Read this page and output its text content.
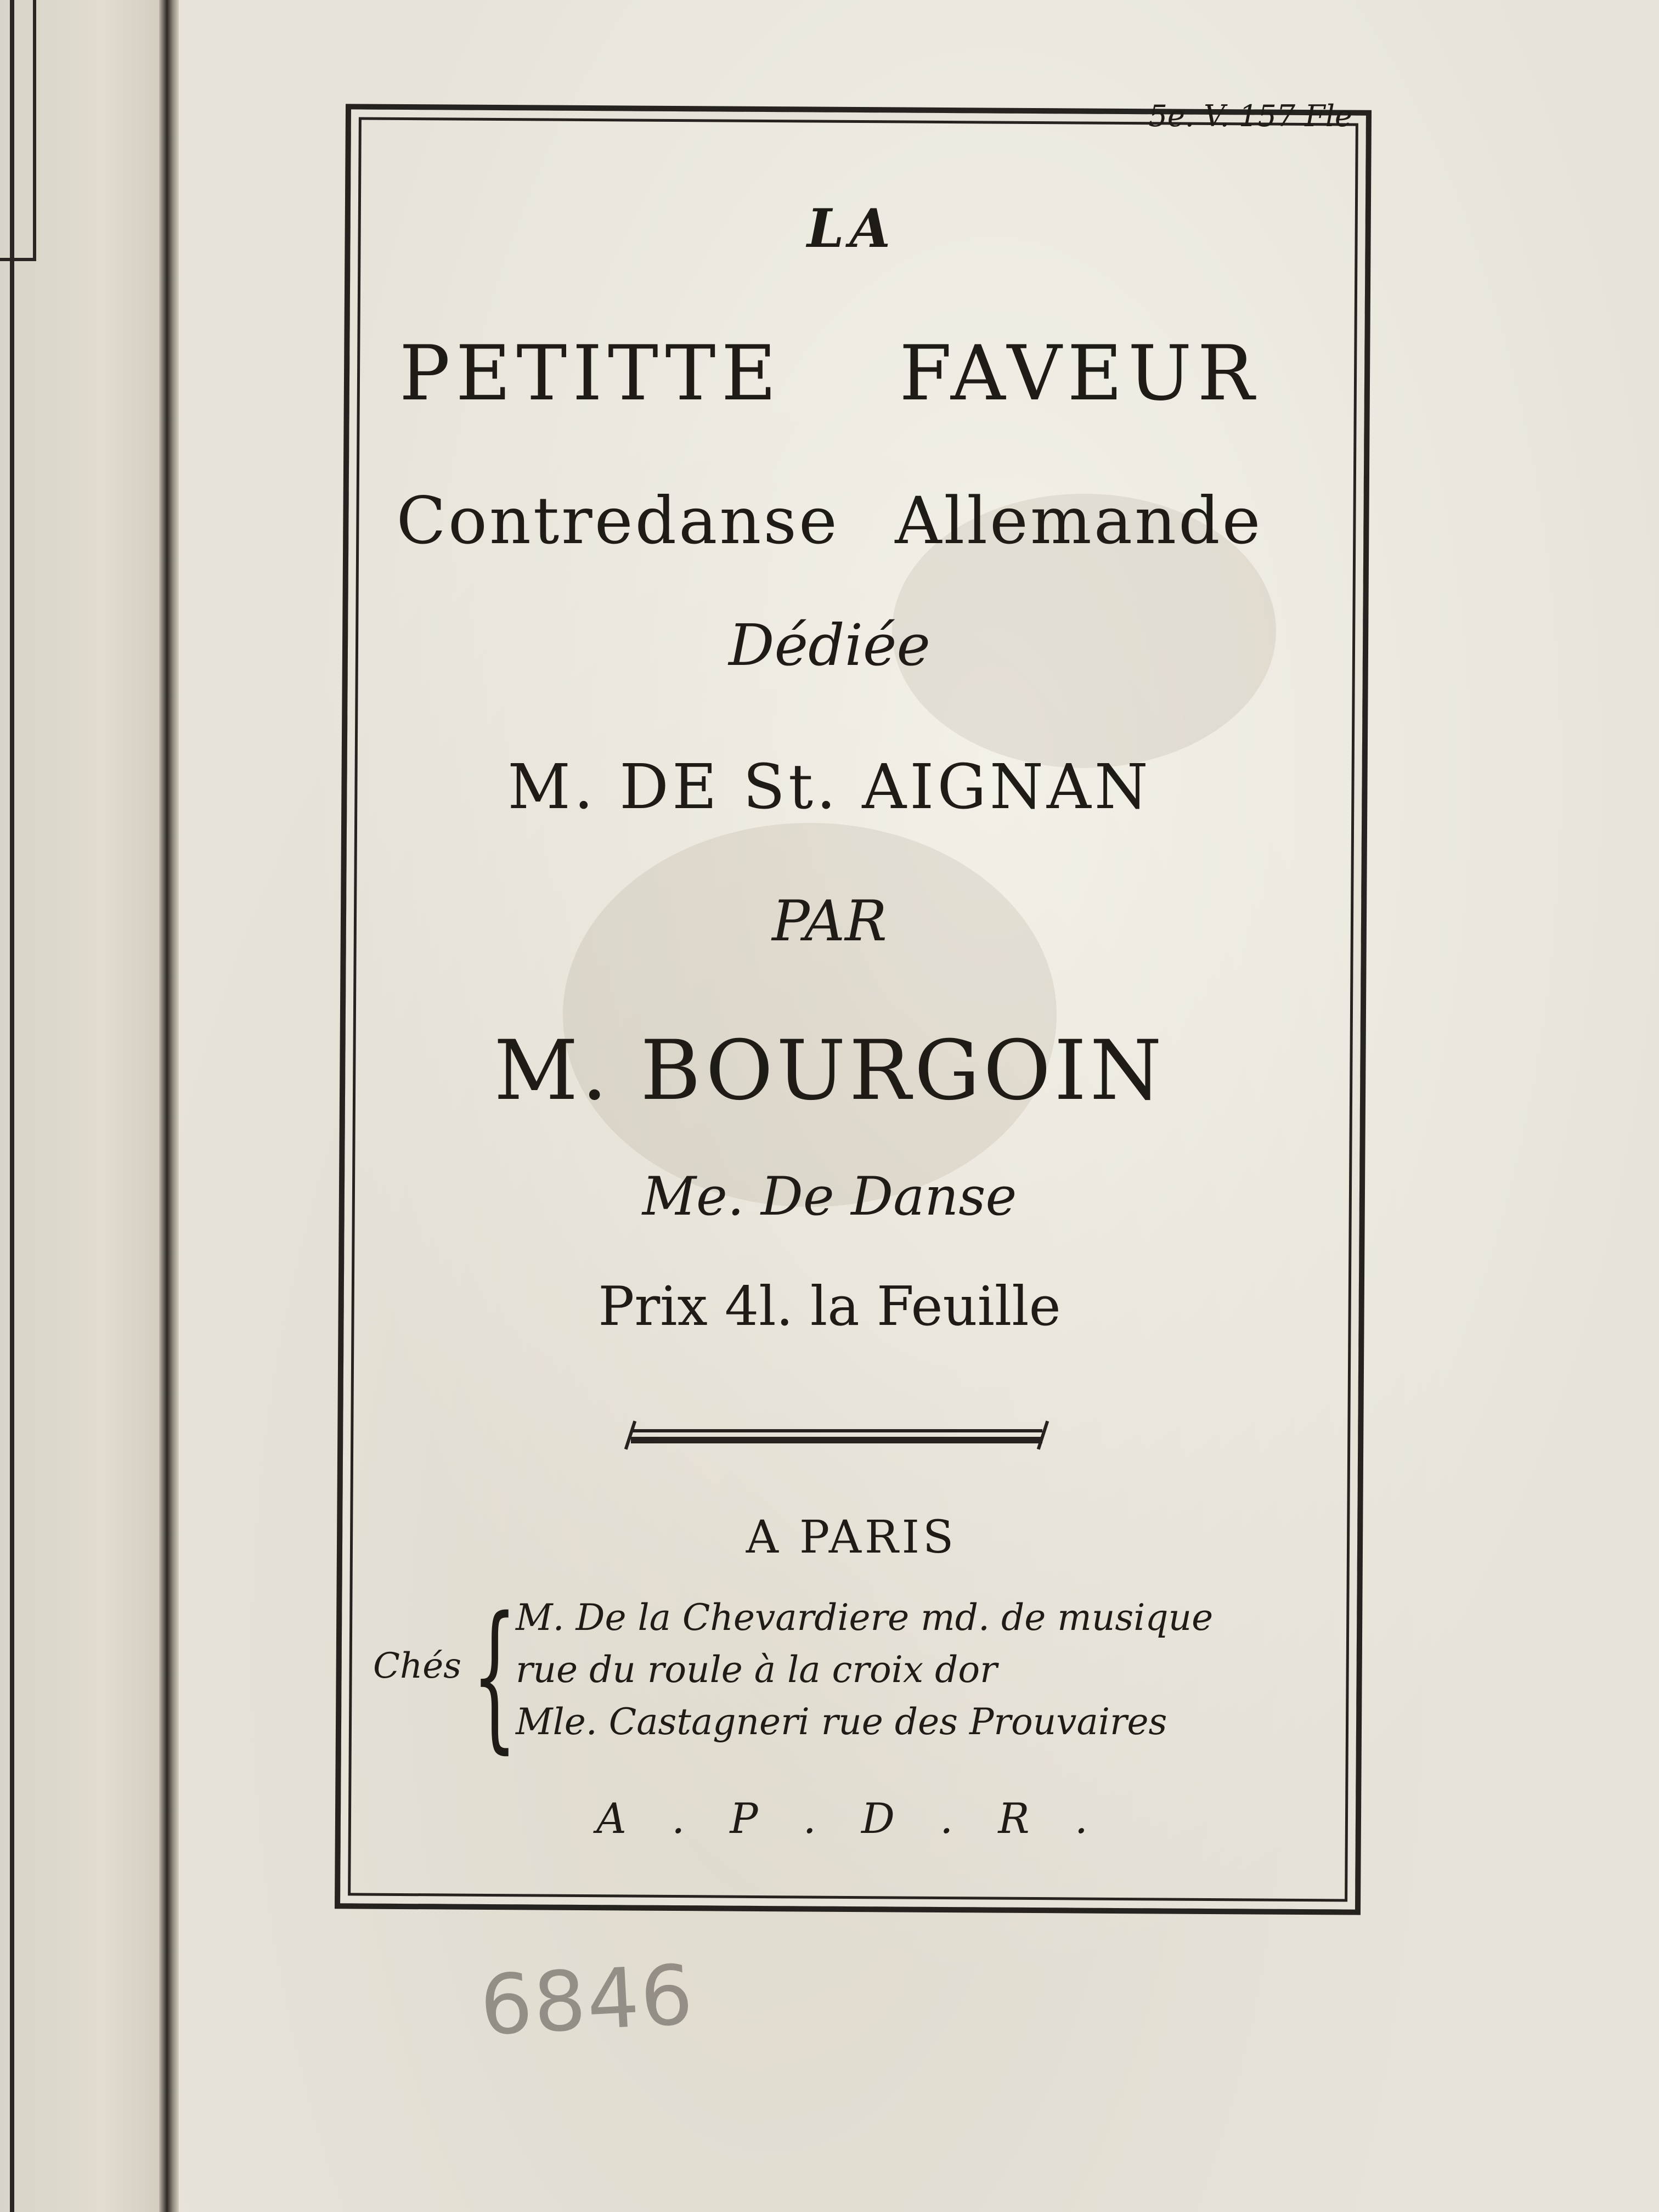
5e. V. 157 Fle
LA
PETITTE FAVEUR
Contredanse Allemande
Dédiée
M. DE St. AIGNAN
PAR
M. BOURGOIN
Me. De Danse
Prix 4l. la Feuille
A PARIS
Chés {
M. De la Chevardiere md. de musique
rue du roule à la croix dor
Mle. Castagneri rue des Prouvaires
A . P . D . R .
6846
